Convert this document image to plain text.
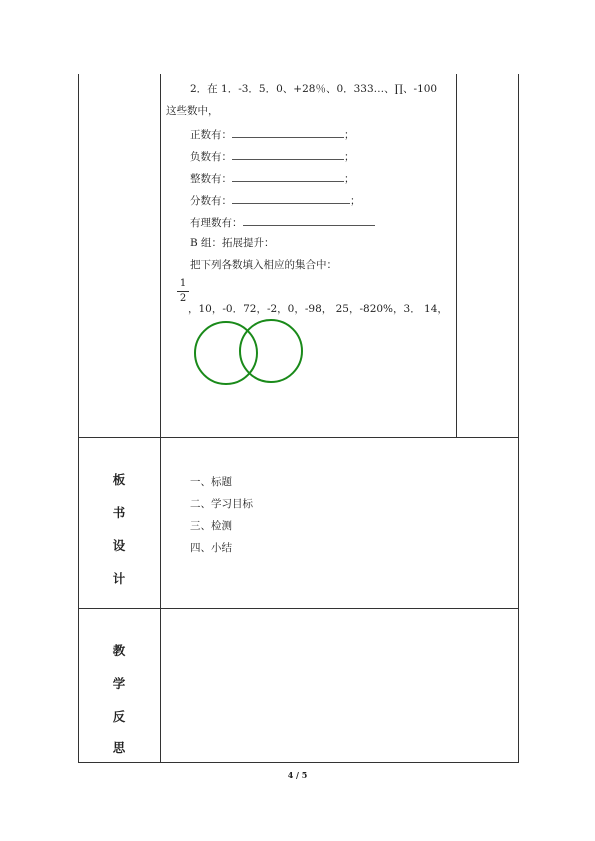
2．在 1．-3．5．0、+28％、0．333…、∏、-100
这些数中，
正数有：	；
负数有：	；
整数有：	；
分数有：	；
有理数有：
B 组：拓展提升：
把下列各数填入相应的集合中：
1
2
，10，-0．72，-2，0，-98， 25，-820%，3． 14，
板
书
设
计
一、标题
二、学习目标
三、检测
四、小结
教
学
反
思
4 / 5
